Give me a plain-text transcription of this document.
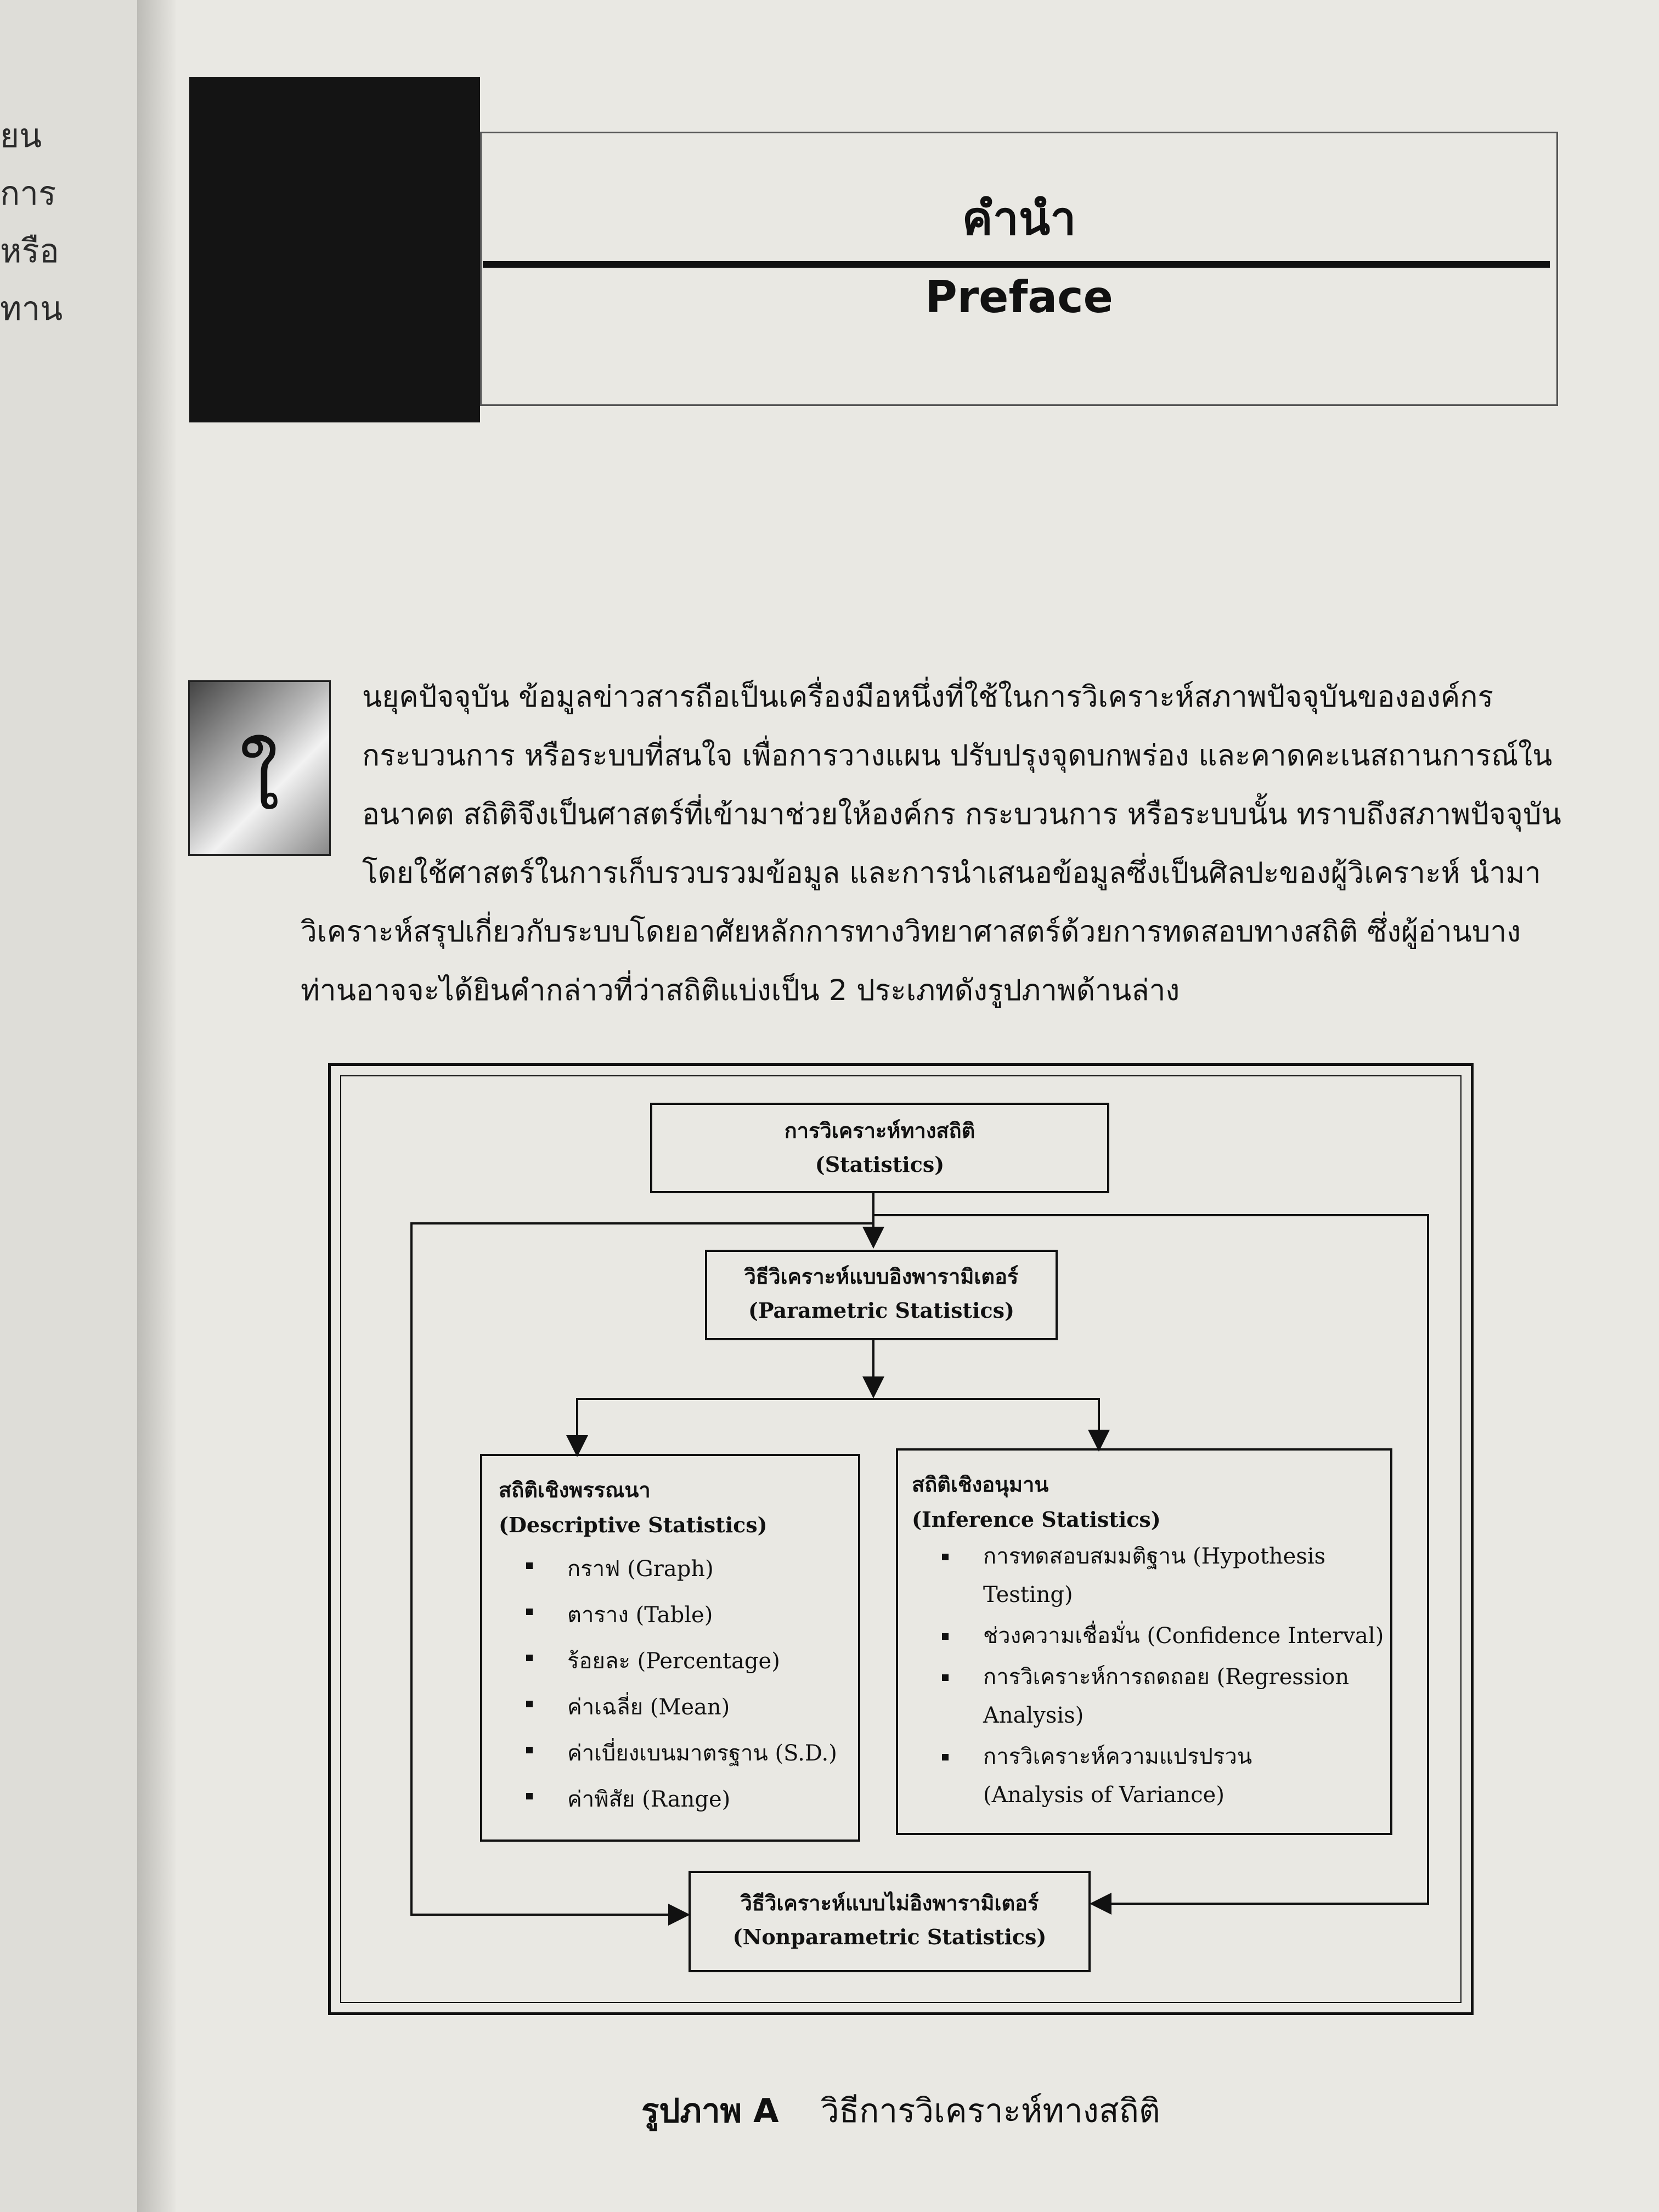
ียน
การ
หรือ
ทาน
คำนำ
Preface
ใ
นยุคปัจจุบัน ข้อมูลข่าวสารถือเป็นเครื่องมือหนึ่งที่ใช้ในการวิเคราะห์สภาพปัจจุบันขององค์กร
กระบวนการ หรือระบบที่สนใจ เพื่อการวางแผน ปรับปรุงจุดบกพร่อง และคาดคะเนสถานการณ์ใน
อนาคต สถิติจึงเป็นศาสตร์ที่เข้ามาช่วยให้องค์กร กระบวนการ หรือระบบนั้น ทราบถึงสภาพปัจจุบัน
โดยใช้ศาสตร์ในการเก็บรวบรวมข้อมูล และการนำเสนอข้อมูลซึ่งเป็นศิลปะของผู้วิเคราะห์ นำมา
วิเคราะห์สรุปเกี่ยวกับระบบโดยอาศัยหลักการทางวิทยาศาสตร์ด้วยการทดสอบทางสถิติ ซึ่งผู้อ่านบาง
ท่านอาจจะได้ยินคำกล่าวที่ว่าสถิติแบ่งเป็น 2 ประเภทดังรูปภาพด้านล่าง
การวิเคราะห์ทางสถิติ
(Statistics)
วิธีวิเคราะห์แบบอิงพารามิเตอร์
(Parametric Statistics)
สถิติเชิงพรรณนา
(Descriptive Statistics)
กราฟ (Graph)
ตาราง (Table)
ร้อยละ (Percentage)
ค่าเฉลี่ย (Mean)
ค่าเบี่ยงเบนมาตรฐาน (S.D.)
ค่าพิสัย (Range)
สถิติเชิงอนุมาน
(Inference Statistics)
การทดสอบสมมติฐาน (Hypothesis Testing)
ช่วงความเชื่อมั่น (Confidence Interval)
การวิเคราะห์การถดถอย (Regression Analysis)
การวิเคราะห์ความแปรปรวน (Analysis of Variance)
วิธีวิเคราะห์แบบไม่อิงพารามิเตอร์
(Nonparametric Statistics)
รูปภาพ A วิธีการวิเคราะห์ทางสถิติ
